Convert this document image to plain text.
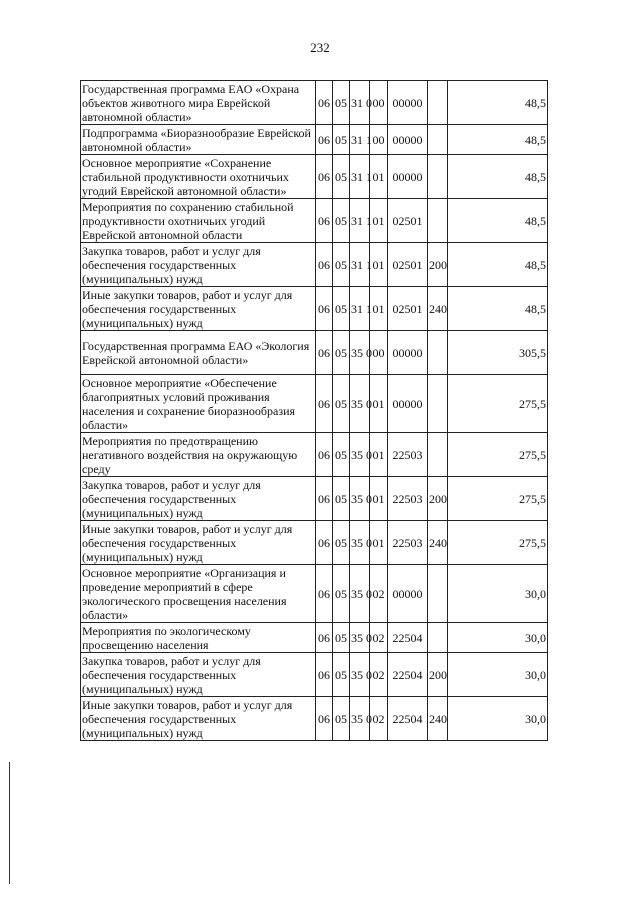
232
Государственная программа ЕАО «Охрана объектов животного мира Еврейской автономной области»	06	05	31 0	00	00000		48,5
Подпрограмма «Биоразнообразие Еврейской автономной области»	06	05	31 1	00	00000		48,5
Основное мероприятие «Сохранение стабильной продуктивности охотничьих угодий Еврейской автономной области»	06	05	31 1	01	00000		48,5
Мероприятия по сохранению стабильной продуктивности охотничьих угодий Еврейской автономной области	06	05	31 1	01	02501		48,5
Закупка товаров, работ и услуг для обеспечения государственных (муниципальных) нужд	06	05	31 1	01	02501	200	48,5
Иные закупки товаров, работ и услуг для обеспечения государственных (муниципальных) нужд	06	05	31 1	01	02501	240	48,5
Государственная программа ЕАО «Экология Еврейской автономной области»	06	05	35 0	00	00000		305,5
Основное мероприятие «Обеспечение благоприятных условий проживания населения и сохранение биоразнообразия области»	06	05	35 0	01	00000		275,5
Мероприятия по предотвращению негативного воздействия на окружающую среду	06	05	35 0	01	22503		275,5
Закупка товаров, работ и услуг для обеспечения государственных (муниципальных) нужд	06	05	35 0	01	22503	200	275,5
Иные закупки товаров, работ и услуг для обеспечения государственных (муниципальных) нужд	06	05	35 0	01	22503	240	275,5
Основное мероприятие «Организация и проведение мероприятий в сфере экологического просвещения населения области»	06	05	35 0	02	00000		30,0
Мероприятия по экологическому просвещению населения	06	05	35 0	02	22504		30,0
Закупка товаров, работ и услуг для обеспечения государственных (муниципальных) нужд	06	05	35 0	02	22504	200	30,0
Иные закупки товаров, работ и услуг для обеспечения государственных (муниципальных) нужд	06	05	35 0	02	22504	240	30,0
